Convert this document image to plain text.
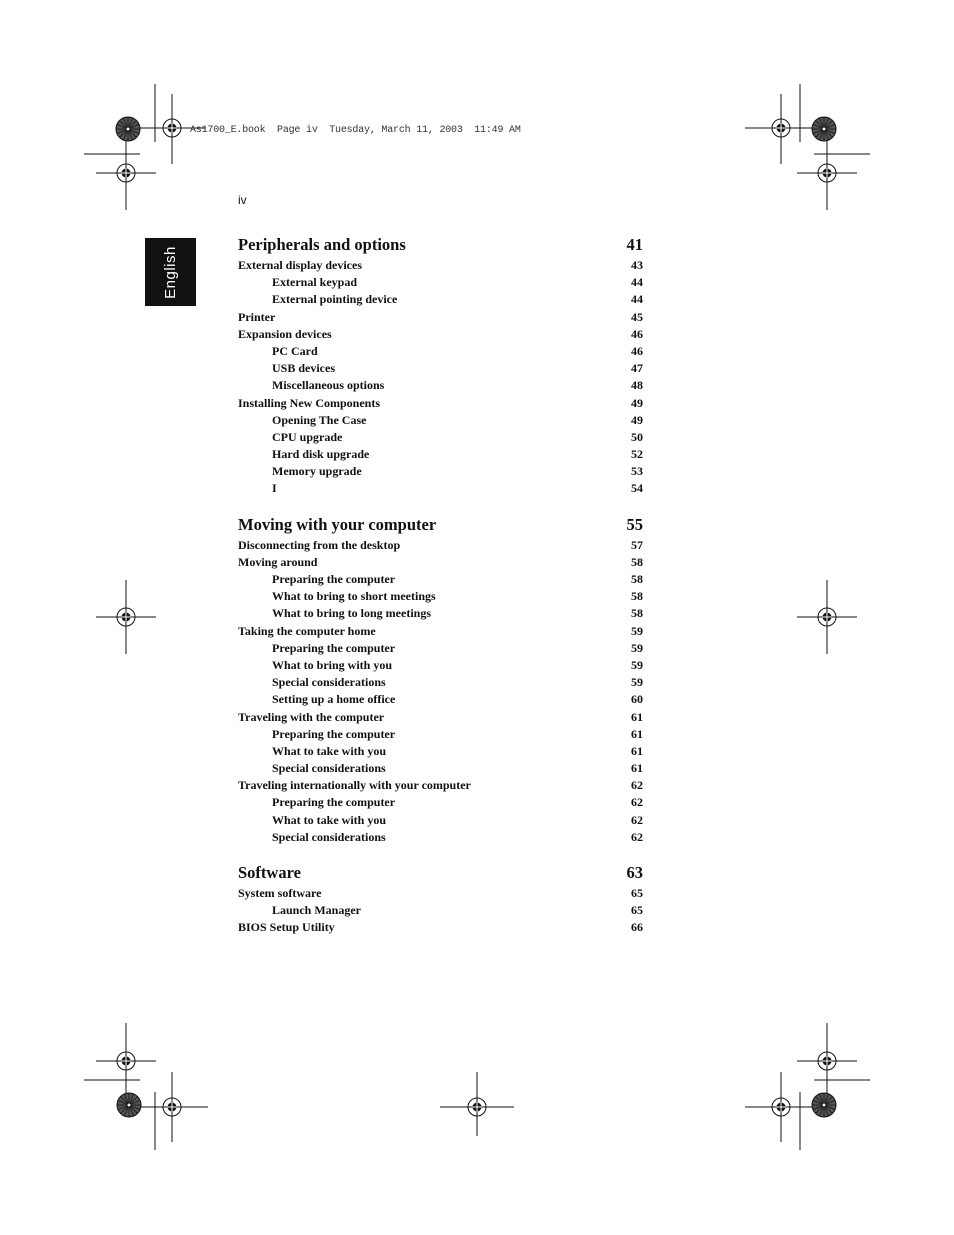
As1700_E.book  Page iv  Tuesday, March 11, 2003  11:49 AM
iv
English
Peripherals and options	41
External display devices	43
External keypad	44
External pointing device	44
Printer	45
Expansion devices	46
PC Card	46
USB devices	47
Miscellaneous options	48
Installing New Components	49
Opening The Case	49
CPU upgrade	50
Hard disk upgrade	52
Memory upgrade	53
I	54
Moving with your computer	55
Disconnecting from the desktop	57
Moving around	58
Preparing the computer	58
What to bring to short meetings	58
What to bring to long meetings	58
Taking the computer home	59
Preparing the computer	59
What to bring with you	59
Special considerations	59
Setting up a home office	60
Traveling with the computer	61
Preparing the computer	61
What to take with you	61
Special considerations	61
Traveling internationally with your computer	62
Preparing the computer	62
What to take with you	62
Special considerations	62
Software	63
System software	65
Launch Manager	65
BIOS Setup Utility	66
